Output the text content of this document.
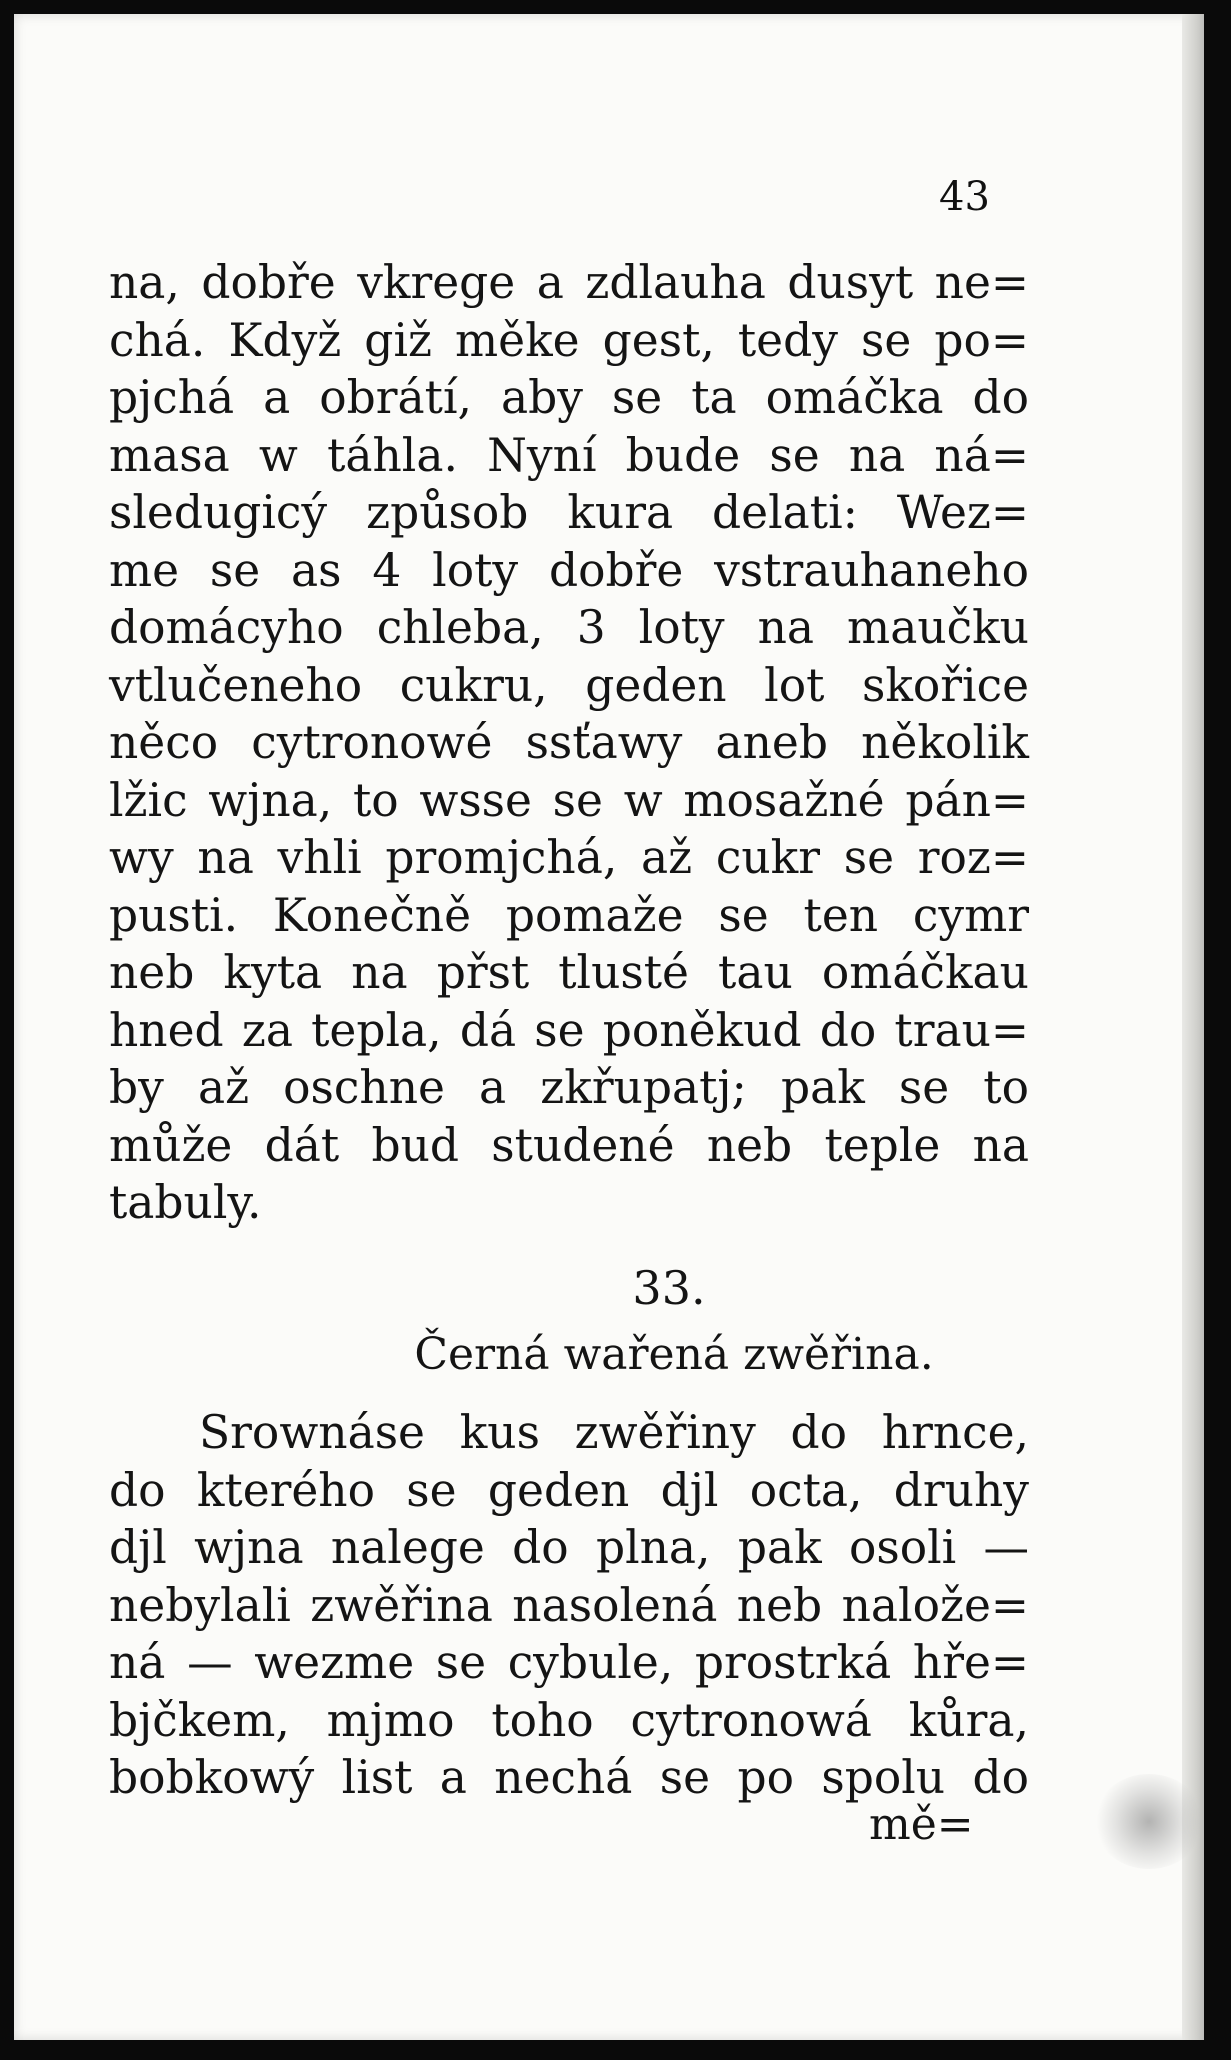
43
na, dobře vkrege a zdlauha dusyt ne=
chá. Když giž měke gest, tedy se po=
pjchá a obrátí, aby se ta omáčka do
masa w táhla. Nyní bude se na ná=
sledugicý způsob kura delati: Wez=
me se as 4 loty dobře vstrauhaneho
domácyho chleba, 3 loty na maučku
vtlučeneho cukru, geden lot skořice
něco cytronowé ssťawy aneb několik
lžic wjna, to wsse se w mosažné pán=
wy na vhli promjchá, až cukr se roz=
pusti. Konečně pomaže se ten cymr
neb kyta na přst tlusté tau omáčkau
hned za tepla, dá se poněkud do trau=
by až oschne a zkřupatj; pak se to
může dát bud studené neb teple na
tabuly.
33.
Černá wařená zwěřina.
Srownáse kus zwěřiny do hrnce,
do kterého se geden djl octa, druhy
djl wjna nalege do plna, pak osoli —
nebylali zwěřina nasolená neb nalože=
ná — wezme se cybule, prostrká hře=
bjčkem, mjmo toho cytronowá kůra,
bobkowý list a nechá se po spolu do
mě=
